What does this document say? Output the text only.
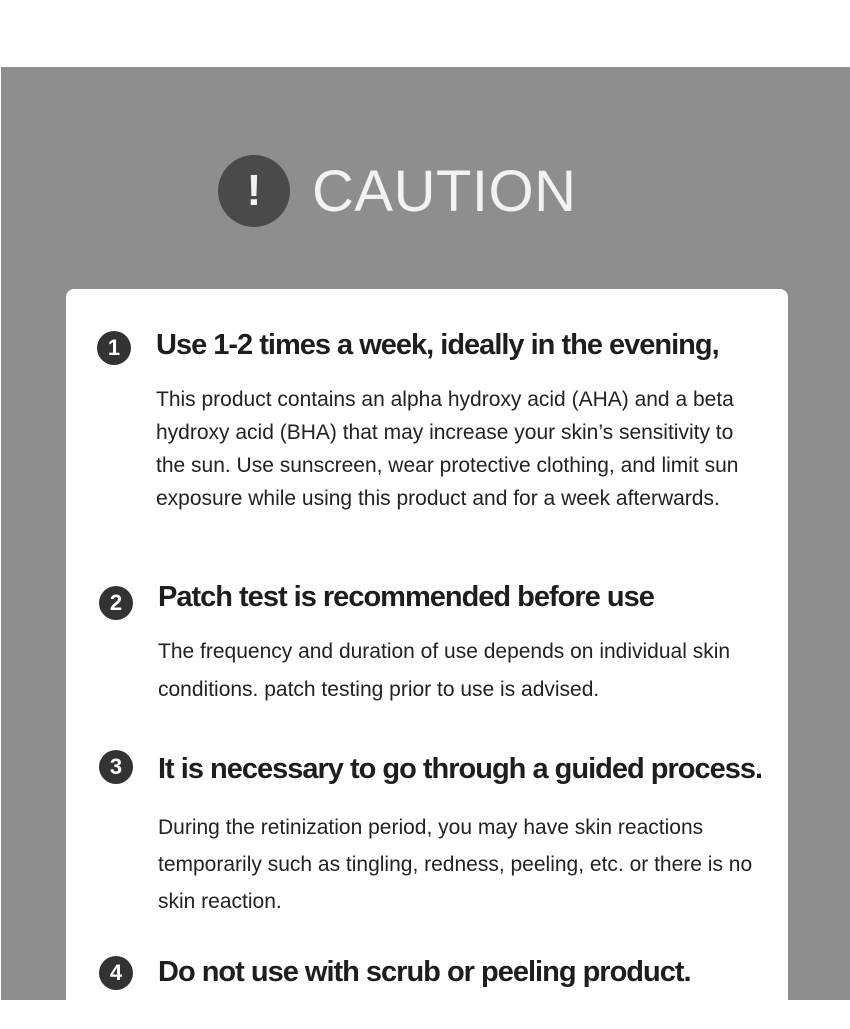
! CAUTION
1	Use 1-2 times a week, ideally in the evening,
This product contains an alpha hydroxy acid (AHA) and a beta hydroxy acid (BHA) that may increase your skin’s sensitivity to the sun. Use sunscreen, wear protective clothing, and limit sun exposure while using this product and for a week afterwards.
2	Patch test is recommended before use
The frequency and duration of use depends on individual skin conditions. patch testing prior to use is advised.
3	It is necessary to go through a guided process.
During the retinization period, you may have skin reactions temporarily such as tingling, redness, peeling, etc. or there is no skin reaction.
4	Do not use with scrub or peeling product.
